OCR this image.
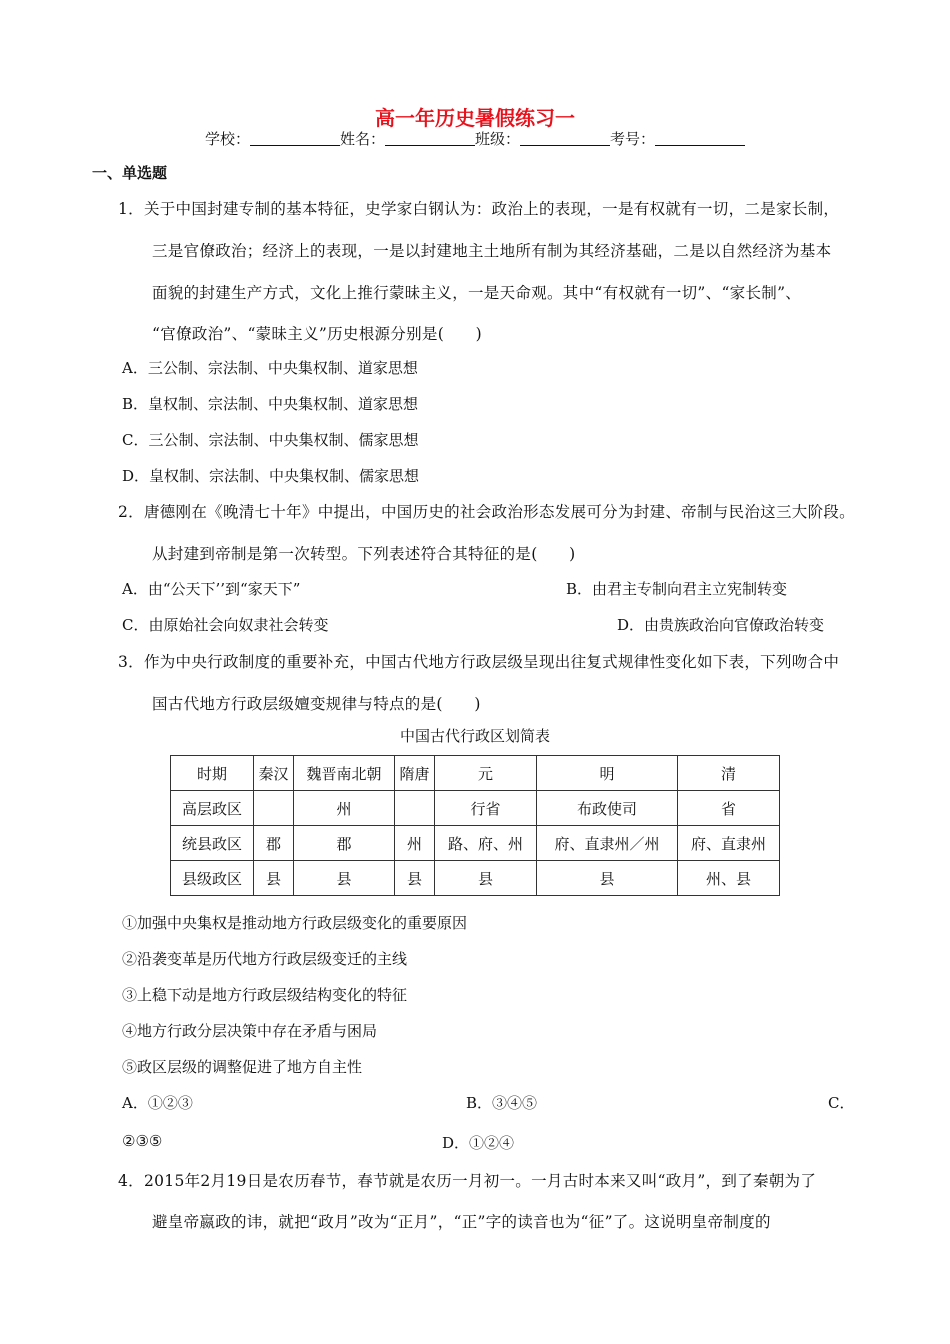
高一年历史暑假练习一
学校：	姓名：	班级：	考号：
一、单选题
1．关于中国封建专制的基本特征，史学家白钢认为：政治上的表现，一是有权就有一切，二是家长制，
三是官僚政治；经济上的表现，一是以封建地主土地所有制为其经济基础，二是以自然经济为基本
面貌的封建生产方式，文化上推行蒙昧主义，一是天命观。其中“有权就有一切”、“家长制”、
“官僚政治”、“蒙昧主义”历史根源分别是(　　)
A．三公制、宗法制、中央集权制、道家思想
B．皇权制、宗法制、中央集权制、道家思想
C．三公制、宗法制、中央集权制、儒家思想
D．皇权制、宗法制、中央集权制、儒家思想
2．唐德刚在《晚清七十年》中提出，中国历史的社会政治形态发展可分为封建、帝制与民治这三大阶段。
从封建到帝制是第一次转型。下列表述符合其特征的是(　　)
A．由“公天下’’到“家天下”	B．由君主专制向君主立宪制转变
C．由原始社会向奴隶社会转变	D．由贵族政治向官僚政治转变
3．作为中央行政制度的重要补充，中国古代地方行政层级呈现出往复式规律性变化如下表，下列吻合中
国古代地方行政层级嬗变规律与特点的是(　　)
中国古代行政区划简表
时期	秦汉	魏晋南北朝	隋唐	元	明	清
高层政区		州		行省	布政使司	省
统县政区	郡	郡	州	路、府、州	府、直隶州／州	府、直隶州
县级政区	县	县	县	县	县	州、县
①加强中央集权是推动地方行政层级变化的重要原因
②沿袭变革是历代地方行政层级变迁的主线
③上稳下动是地方行政层级结构变化的特征
④地方行政分层决策中存在矛盾与困局
⑤政区层级的调整促进了地方自主性
A．①②③	B．③④⑤	C．
②③⑤	D．①②④
4．2015年2月19日是农历春节，春节就是农历一月初一。一月古时本来又叫“政月”，到了秦朝为了
避皇帝嬴政的讳，就把“政月”改为“正月”，“正”字的读音也为“征”了。这说明皇帝制度的
